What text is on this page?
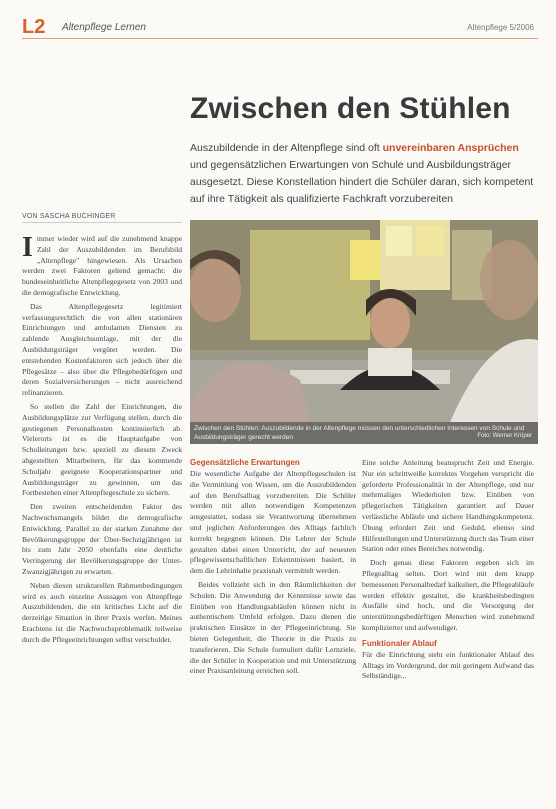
L2 Altenpflege Lernen	Altenpflege 5/2006
Zwischen den Stühlen
Auszubildende in der Altenpflege sind oft unvereinbaren Ansprüchen und gegensätzlichen Erwartungen von Schule und Ausbildungsträger ausgesetzt. Diese Konstellation hindert die Schüler daran, sich kompetent auf ihre Tätigkeit als qualifizierte Fachkraft vorzubereiten
VON SASCHA BUCHINGER

Immer wieder wird auf die zunehmend knappe Zahl der Auszubildenden im Berufsbild „Altenpflege" hingewiesen. Als Ursachen werden zwei Faktoren geltend gemacht: die bundeseinheitliche Altenpflegegesetz von 2003 und die demografische Entwicklung.

Das Altenpflegegesetz legitimiert verfassungsrechtlich die von allen stationären Einrichtungen und ambulanten Diensten zu zahlende Ausgleichsumlage, mit der die Ausbildungsträger vergütet werden. Die entstehenden Kostenfaktoren sich jedoch über die Pflegesätze – also über die Pflegebedürftigen und deren Sozialversicherungen – nicht ausreichend refinanzieren.

So stellen die Zahl der Einrichtungen, die Ausbildungsplätze zur Verfügung stellen, durch die gestiegenen Personalkosten kontinuierlich ab. Vielerorts ist es die Hauptaufgabe von Schulleitungen bzw. speziell zu diesem Zweck abgestellten Mitarbeitern, für das kommende Schuljahr geeignete Kooperationspartner und Ausbildungsträger zu gewinnen, um das Fortbestehen einer Altenpflegeschule zu sichern.

Den zweiten entscheidenden Faktor des Nachwuchsmangels bildet die demografische Entwicklung. Parallel zu der starken Zunahme der Bevölkerungsgruppe der Über-Sechzigjährigen ist bis zum Jahr 2050 ebenfalls eine deutliche Verringerung der Bevölkerungsgruppe der Unter-Zwanzigjährigen zu erwarten.

Neben diesen strukturellen Rahmenbedingungen wird es auch einzelne Aussagen von Altenpflege Auszubildenden, die ein kritisches Licht auf die derzeitige Situation in ihrer Praxis werfen. Meines Erachtens ist die Nachwuchsproblematik teilweise durch die Pflegeeinrichtungen selbst verschuldet.

Zwischen den Stühlen: Auszubildende in der Altenpflege müssen den unterschiedlichen Interessen von Schule und Ausbildungsträger gerecht werden	Foto: Werner Krüper
Gegensätzliche Erwartungen

Die wesentliche Aufgabe der Altenpflegeschulen ist die Vermittlung von Wissen, um die Auszubildenden auf den Berufsalltag vorzubereiten. Die Schüler werden mit allen notwendigen Kompetenzen ausgestattet, sodass sie Verantwortung übernehmen und jeglichen Anforderungen des Alltags fachlich korrekt begegnen können. Die Lehrer der Schule gestalten dabei einen Unterricht, der auf neuesten pflegewissenschaftlichen Erkenntnissen basiert, in dem die Lehrinhalte praxisnah vermittelt werden.

Beides vollzieht sich in den Räumlichkeiten der Schulen. Die Anwendung der Kenntnisse sowie das Einüben von Handlungsabläufen können nicht in authentischem Umfeld erfolgen. Dazu dienen die praktischen Einsätze in der Pflegeeinrichtung. Sie bieten Gelegenheit, die Theorie in die Praxis zu transferieren. Die Schule formuliert dafür Lernziele, die der Schüler in Kooperation und mit Unterstützung einer Praxisanleitung erreichen soll.

Eine solche Anleitung beansprucht Zeit und Energie. Nur ein schrittweiße korrektes Vorgehen verspricht die geforderte Professionalität in der Altenpflege, und nur mehrmaliges Wiederholen bzw. Einüben von pflegerischen Tätigkeiten garantiert auf Dauer verlässliche Abläufe und sichere Handlungskompetenz. Übung erfordert Zeit und Geduld, ebenso sind Hilfestellungen und Unterstützung durch das Team einer Station oder eines Bereiches notwendig.

Doch genau diese Faktoren ergeben sich im Pflegealltag selten. Dort wird mit dem knapp bemessenen Personalbedarf kalkuliert, die Pflegeabläufe werden effektiv gestaltet, die krankheitsbedingten Ausfälle sind hoch, und die Versorgung der unterstützungsbedürftigen Menschen wird zunehmend komplizierter und aufwendiger.

Funktionaler Ablauf

Für die Einrichtung steht ein funktionaler Ablauf des Alltags im Vordergrund, der mit geringem Aufwand das Selbständige...
